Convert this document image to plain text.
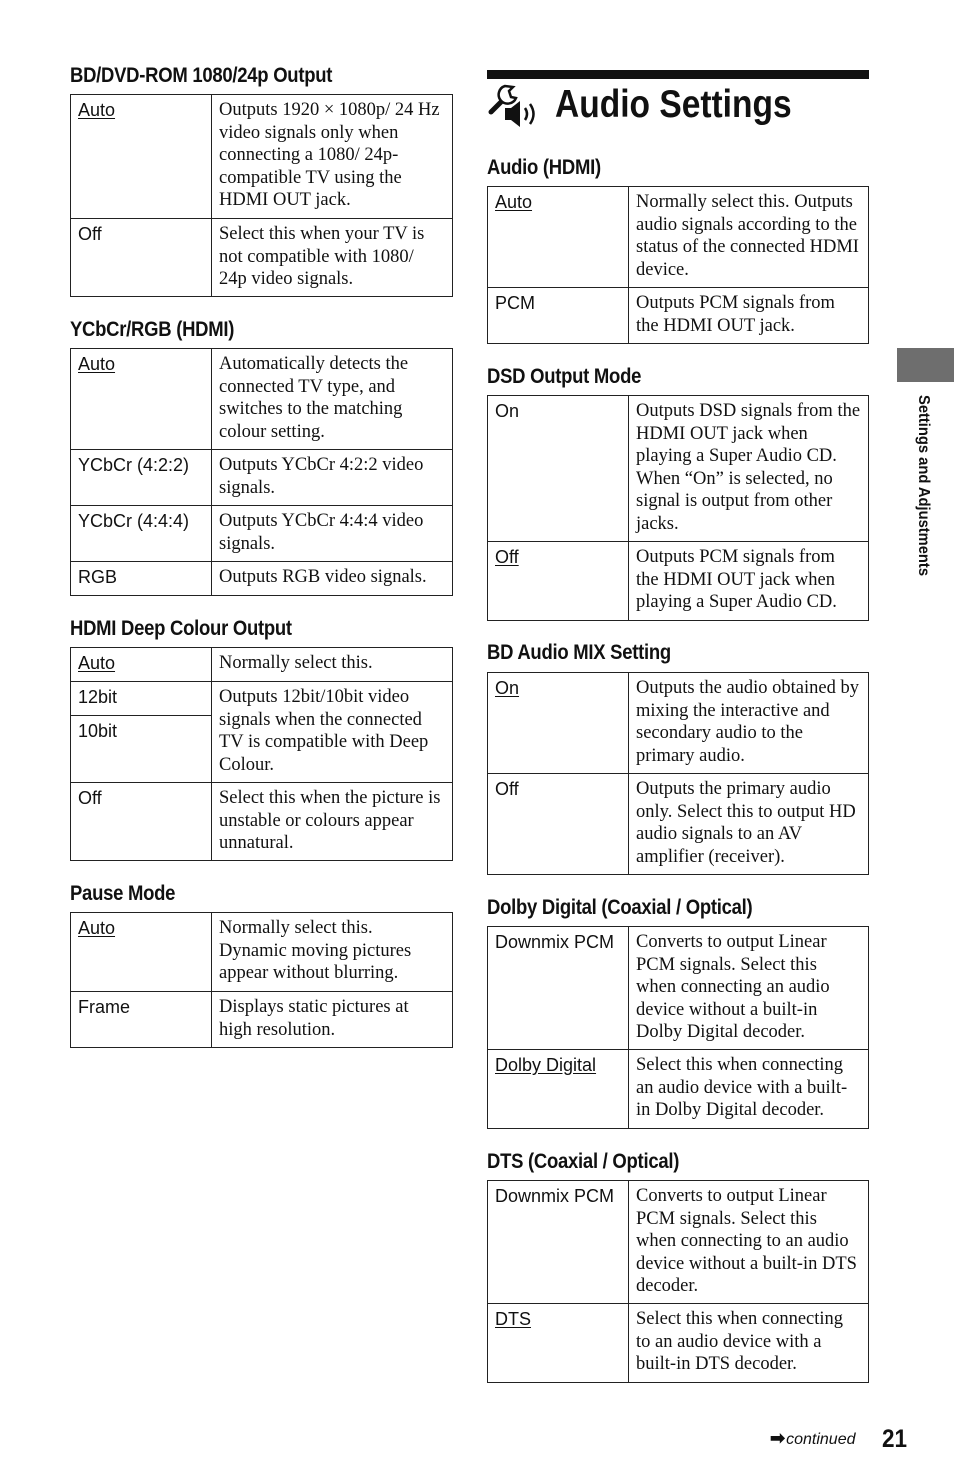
BD/DVD-ROM 1080/24p Output
Auto	Outputs 1920 × 1080p/ 24 Hz video signals only when connecting a 1080/ 24p-compatible TV using the HDMI OUT jack.
Off	Select this when your TV is not compatible with 1080/ 24p video signals.
YCbCr/RGB (HDMI)
Auto	Automatically detects the connected TV type, and switches to the matching colour setting.
YCbCr (4:2:2)	Outputs YCbCr 4:2:2 video signals.
YCbCr (4:4:4)	Outputs YCbCr 4:4:4 video signals.
RGB	Outputs RGB video signals.
HDMI Deep Colour Output
Auto	Normally select this.
12bit	Outputs 12bit/10bit video signals when the connected TV is compatible with Deep Colour.
10bit	
Off	Select this when the picture is unstable or colours appear unnatural.
Pause Mode
Auto	Normally select this. Dynamic moving pictures appear without blurring.
Frame	Displays static pictures at high resolution.
Audio Settings
Audio (HDMI)
Auto	Normally select this. Outputs audio signals according to the status of the connected HDMI device.
PCM	Outputs PCM signals from the HDMI OUT jack.
DSD Output Mode
On	Outputs DSD signals from the HDMI OUT jack when playing a Super Audio CD. When “On” is selected, no signal is output from other jacks.
Off	Outputs PCM signals from the HDMI OUT jack when playing a Super Audio CD.
BD Audio MIX Setting
On	Outputs the audio obtained by mixing the interactive and secondary audio to the primary audio.
Off	Outputs the primary audio only. Select this to output HD audio signals to an AV amplifier (receiver).
Dolby Digital (Coaxial / Optical)
Downmix PCM	Converts to output Linear PCM signals. Select this when connecting an audio device without a built-in Dolby Digital decoder.
Dolby Digital	Select this when connecting an audio device with a built-in Dolby Digital decoder.
DTS (Coaxial / Optical)
Downmix PCM	Converts to output Linear PCM signals. Select this when connecting to an audio device without a built-in DTS decoder.
DTS	Select this when connecting to an audio device with a built-in DTS decoder.
Settings and Adjustments
➡continued 21
